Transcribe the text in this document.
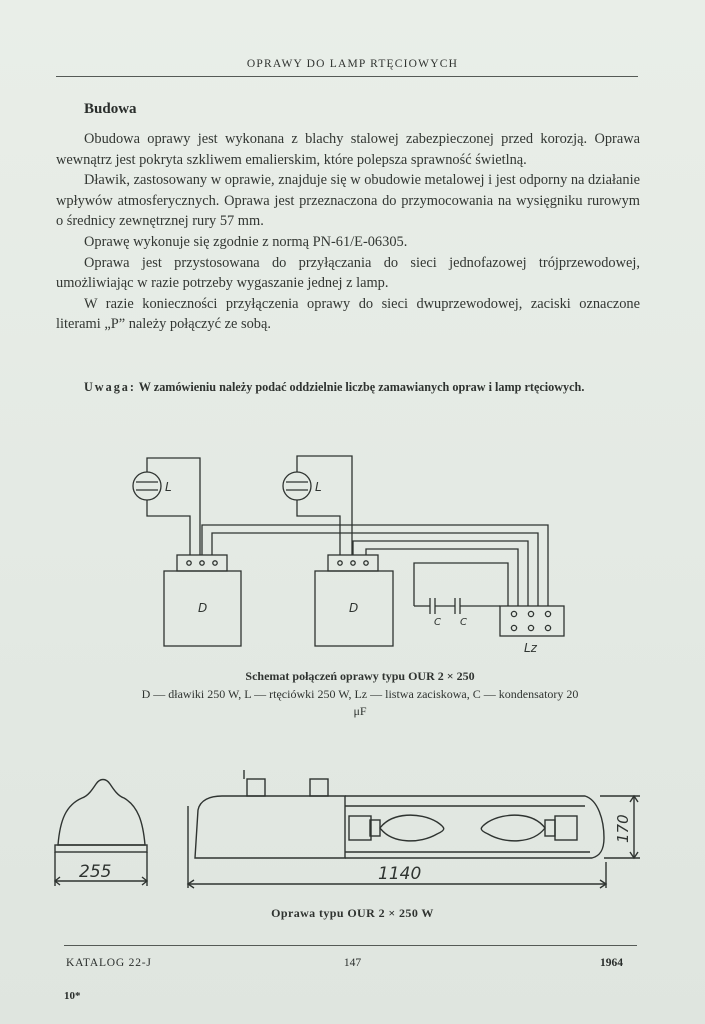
OPRAWY DO LAMP RTĘCIOWYCH
Budowa

Obudowa oprawy jest wykonana z blachy stalowej zabezpieczonej przed korozją. Oprawa wewnątrz jest pokryta szkliwem emalierskim, które polepsza sprawność świetlną.

Dławik, zastosowany w oprawie, znajduje się w obudowie metalowej i jest odporny na działanie wpływów atmosferycznych. Oprawa jest przeznaczona do przymocowania na wysięgniku rurowym o średnicy zewnętrznej rury 57 mm.

Oprawę wykonuje się zgodnie z normą PN-61/E-06305.

Oprawa jest przystosowana do przyłączania do sieci jednofazowej trójprzewodowej, umożliwiając w razie potrzeby wygaszanie jednej z lamp.

W razie konieczności przyłączenia oprawy do sieci dwuprzewodowej, zaciski oznaczone literami „P” należy połączyć ze sobą.

Uwaga: W zamówieniu należy podać oddzielnie liczbę zamawianych opraw i lamp rtęciowych.
L	L
D	D
C C
Lz
255	1140
170
Schemat połączeń oprawy typu OUR 2 × 250
D — dławiki 250 W, L — rtęciówki 250 W, Lz — listwa zaciskowa, C — kondensatory 20 μF
Oprawa typu OUR 2 × 250 W
KATALOG 22-J	147	1964
10*
